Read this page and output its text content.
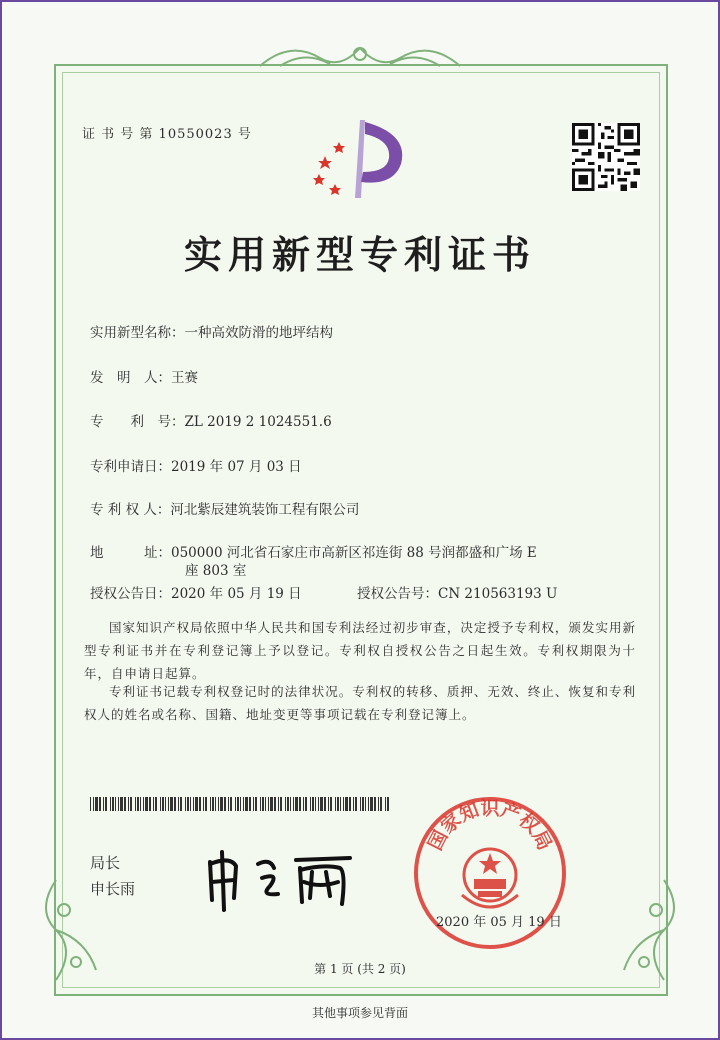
证 书 号 第 10550023 号
实用新型专利证书
实用新型名称：一种高效防滑的地坪结构
发　明　人：王赛
专　　利　号：ZL 2019 2 1024551.6
专利申请日：2019 年 07 月 03 日
专 利 权 人：河北紫辰建筑装饰工程有限公司
地　　　址：050000 河北省石家庄市高新区祁连街 88 号润都盛和广场 E
座 803 室
授权公告日：2020 年 05 月 19 日	授权公告号：CN 210563193 U
国家知识产权局依照中华人民共和国专利法经过初步审查，决定授予专利权，颁发实用新型专利证书并在专利登记簿上予以登记。专利权自授权公告之日起生效。专利权期限为十年，自申请日起算。
专利证书记载专利权登记时的法律状况。专利权的转移、质押、无效、终止、恢复和专利权人的姓名或名称、国籍、地址变更等事项记载在专利登记簿上。
局长
申长雨
国家知识产权局
2020 年 05 月 19 日
第 1 页 (共 2 页)
其他事项参见背面
